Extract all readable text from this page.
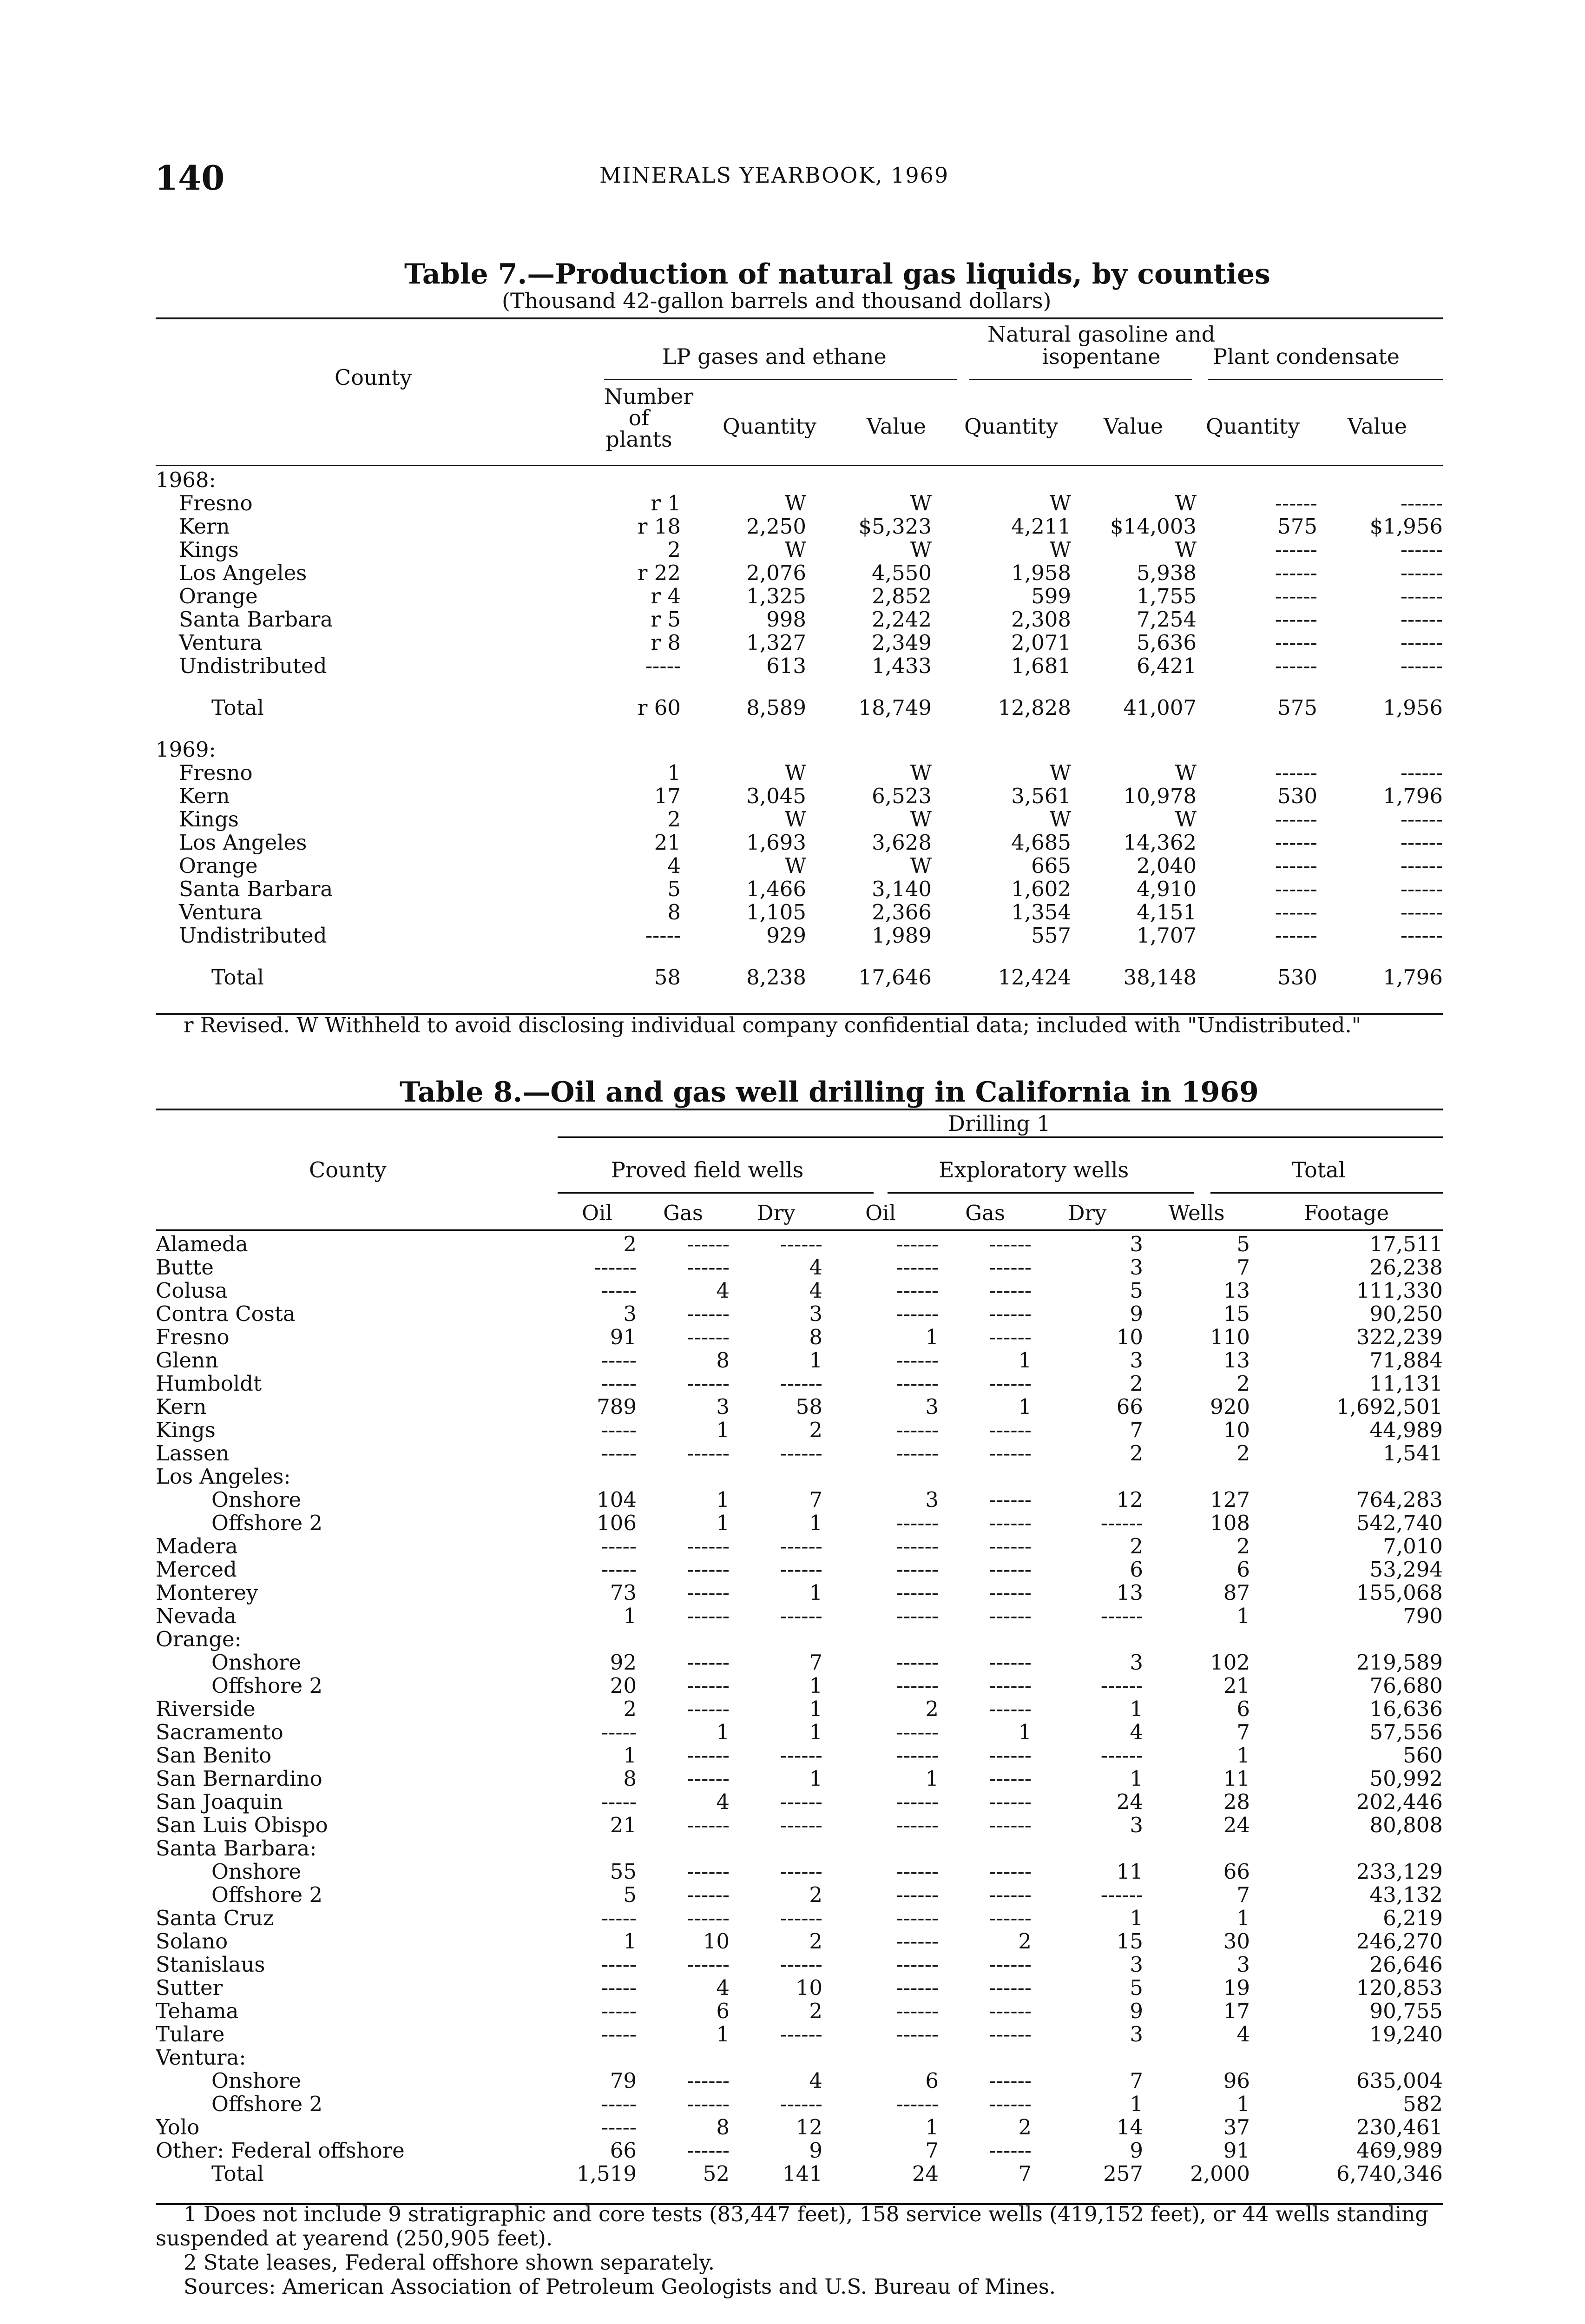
140	MINERALS YEARBOOK, 1969
Table 7.—Production of natural gas liquids, by counties
(Thousand 42-gallon barrels and thousand dollars)
County
LP gases and ethane
Natural gasoline and isopentane	Plant condensate
Number of plants
Quantity Value Quantity Value Quantity Value
1968:							
Fresno	r 1	W	W	W	W	------	------
Kern	r 18	2,250	$5,323	4,211	$14,003	575	$1,956
Kings	2	W	W	W	W	------	------
Los Angeles	r 22	2,076	4,550	1,958	5,938	------	------
Orange	r 4	1,325	2,852	599	1,755	------	------
Santa Barbara	r 5	998	2,242	2,308	7,254	------	------
Ventura	r 8	1,327	2,349	2,071	5,636	------	------
Undistributed	-----	613	1,433	1,681	6,421	------	------

Total	r 60	8,589	18,749	12,828	41,007	575	1,956

1969:							
Fresno	1	W	W	W	W	------	------
Kern	17	3,045	6,523	3,561	10,978	530	1,796
Kings	2	W	W	W	W	------	------
Los Angeles	21	1,693	3,628	4,685	14,362	------	------
Orange	4	W	W	665	2,040	------	------
Santa Barbara	5	1,466	3,140	1,602	4,910	------	------
Ventura	8	1,105	2,366	1,354	4,151	------	------
Undistributed	-----	929	1,989	557	1,707	------	------

Total	58	8,238	17,646	12,424	38,148	530	1,796
r Revised. W Withheld to avoid disclosing individual company confidential data; included with "Undistributed."
Table 8.—Oil and gas well drilling in California in 1969
Drilling 1
County	Proved field wells	Exploratory wells	Total
	Oil	Gas	Dry	Oil	Gas	Dry	Wells	Footage
Alameda	2	------	------	------	------	3	5	17,511
Butte	------	------	4	------	------	3	7	26,238
Colusa	-----	4	4	------	------	5	13	111,330
Contra Costa	3	------	3	------	------	9	15	90,250
Fresno	91	------	8	1	------	10	110	322,239
Glenn	-----	8	1	------	1	3	13	71,884
Humboldt	-----	------	------	------	------	2	2	11,131
Kern	789	3	58	3	1	66	920	1,692,501
Kings	-----	1	2	------	------	7	10	44,989
Lassen	-----	------	------	------	------	2	2	1,541
Los Angeles:								
Onshore	104	1	7	3	------	12	127	764,283
Offshore 2	106	1	1	------	------	------	108	542,740
Madera	-----	------	------	------	------	2	2	7,010
Merced	-----	------	------	------	------	6	6	53,294
Monterey	73	------	1	------	------	13	87	155,068
Nevada	1	------	------	------	------	------	1	790
Orange:								
Onshore	92	------	7	------	------	3	102	219,589
Offshore 2	20	------	1	------	------	------	21	76,680
Riverside	2	------	1	2	------	1	6	16,636
Sacramento	-----	1	1	------	1	4	7	57,556
San Benito	1	------	------	------	------	------	1	560
San Bernardino	8	------	1	1	------	1	11	50,992
San Joaquin	-----	4	------	------	------	24	28	202,446
San Luis Obispo	21	------	------	------	------	3	24	80,808
Santa Barbara:								
Onshore	55	------	------	------	------	11	66	233,129
Offshore 2	5	------	2	------	------	------	7	43,132
Santa Cruz	-----	------	------	------	------	1	1	6,219
Solano	1	10	2	------	2	15	30	246,270
Stanislaus	-----	------	------	------	------	3	3	26,646
Sutter	-----	4	10	------	------	5	19	120,853
Tehama	-----	6	2	------	------	9	17	90,755
Tulare	-----	1	------	------	------	3	4	19,240
Ventura:								
Onshore	79	------	4	6	------	7	96	635,004
Offshore 2	-----	------	------	------	------	1	1	582
Yolo	-----	8	12	1	2	14	37	230,461
Other: Federal offshore	66	------	9	7	------	9	91	469,989
Total	1,519	52	141	24	7	257	2,000	6,740,346
1 Does not include 9 stratigraphic and core tests (83,447 feet), 158 service wells (419,152 feet), or 44 wells standing suspended at yearend (250,905 feet).
2 State leases, Federal offshore shown separately.
Sources: American Association of Petroleum Geologists and U.S. Bureau of Mines.
